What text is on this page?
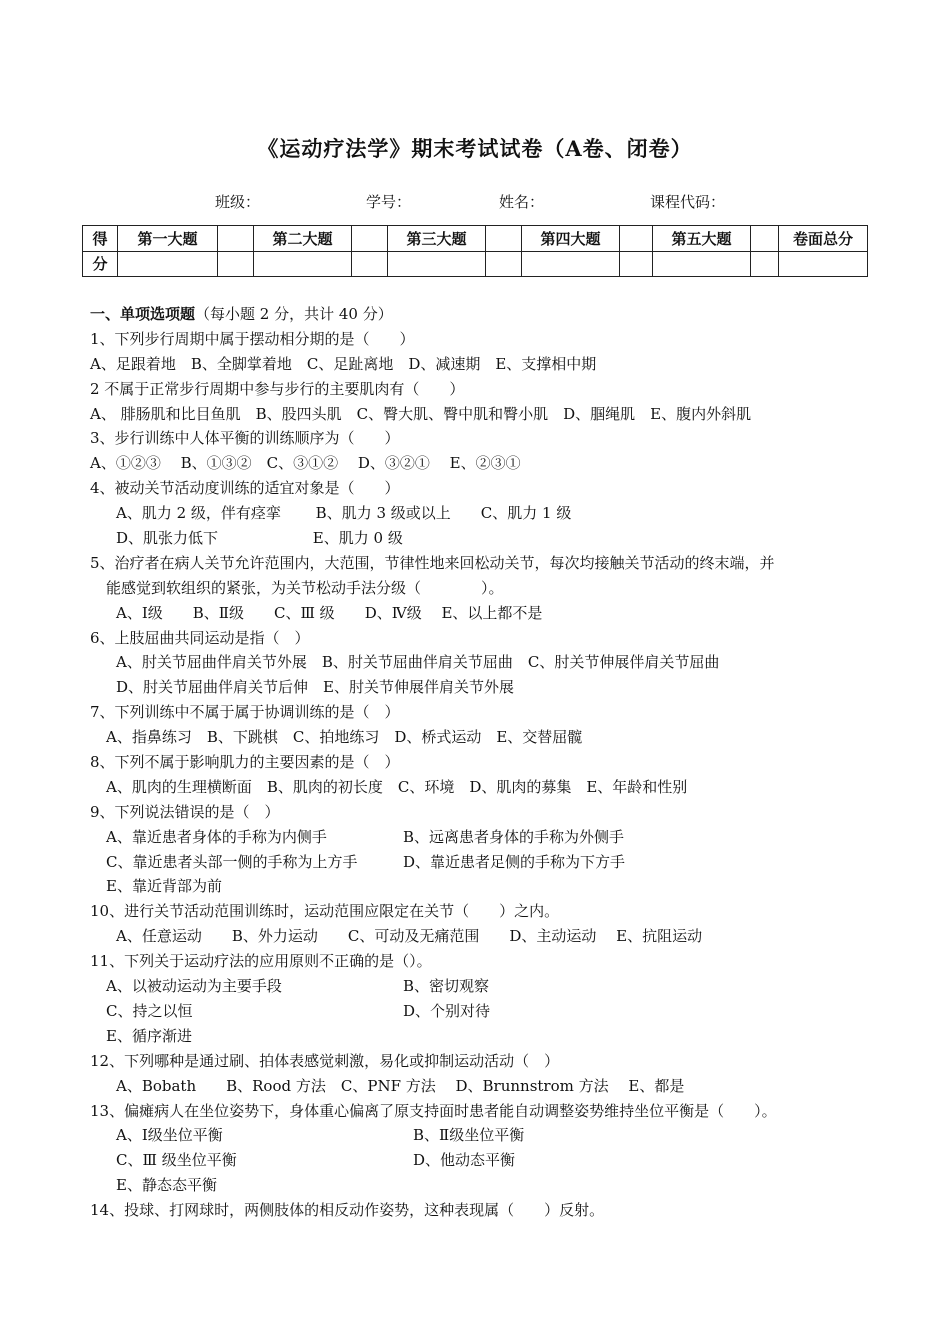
《运动疗法学》期末考试试卷（A卷、闭卷）
班级：	学号：	姓名：	课程代码：
得	第一大题		第二大题		第三大题		第四大题		第五大题		卷面总分
分											
一、单项选项题（每小题 2 分，共计 40 分）
1、下列步行周期中属于摆动相分期的是（　　）
A、足跟着地　B、全脚掌着地　C、足趾离地　D、减速期　E、支撑相中期
2 不属于正常步行周期中参与步行的主要肌肉有（　　）
A、 腓肠肌和比目鱼肌　B、股四头肌　C、臀大肌、臀中肌和臀小肌　D、腘绳肌　E、腹内外斜肌
3、步行训练中人体平衡的训练顺序为（　　）
A、①②③　 B、①③②　C、③①②　 D、③②①　 E、②③①
4、被动关节活动度训练的适宜对象是（　　）
A、肌力 2 级，伴有痉挛　　 B、肌力 3 级或以上　　C、肌力 1 级
D、肌张力低下　　　　　　 E、肌力 0 级
5、治疗者在病人关节允许范围内，大范围，节律性地来回松动关节，每次均接触关节活动的终末端，并
能感觉到软组织的紧张，为关节松动手法分级（　　　　）。
A、Ⅰ级　　B、Ⅱ级　　C、Ⅲ 级　　D、Ⅳ级　 E、以上都不是
6、上肢屈曲共同运动是指（　）
A、肘关节屈曲伴肩关节外展　B、肘关节屈曲伴肩关节屈曲　C、肘关节伸展伴肩关节屈曲
D、肘关节屈曲伴肩关节后伸　E、肘关节伸展伴肩关节外展
7、下列训练中不属于属于协调训练的是（　）
A、指鼻练习　B、下跳棋　C、拍地练习　D、桥式运动　E、交替屈髋
8、下列不属于影响肌力的主要因素的是（　）
A、肌肉的生理横断面　B、肌肉的初长度　C、环境　D、肌肉的募集　E、年龄和性别
9、下列说法错误的是（　）
A、靠近患者身体的手称为内侧手	B、远离患者身体的手称为外侧手
C、靠近患者头部一侧的手称为上方手	D、靠近患者足侧的手称为下方手
E、靠近背部为前
10、进行关节活动范围训练时，运动范围应限定在关节（　　）之内。
A、任意运动　　B、外力运动　　C、可动及无痛范围　　D、主动运动　 E、抗阻运动
11、下列关于运动疗法的应用原则不正确的是（）。
A、以被动运动为主要手段	B、密切观察
C、持之以恒	D、个别对待
E、循序渐进
12、下列哪种是通过刷、拍体表感觉刺激，易化或抑制运动活动（　）
A、Bobath　　B、Rood 方法　C、PNF 方法　 D、Brunnstrom 方法　 E、都是
13、偏瘫病人在坐位姿势下，身体重心偏离了原支持面时患者能自动调整姿势维持坐位平衡是（　　）。
A、Ⅰ级坐位平衡	B、Ⅱ级坐位平衡
C、Ⅲ 级坐位平衡	D、他动态平衡
E、静态态平衡
14、投球、打网球时，两侧肢体的相反动作姿势，这种表现属（　　）反射。
